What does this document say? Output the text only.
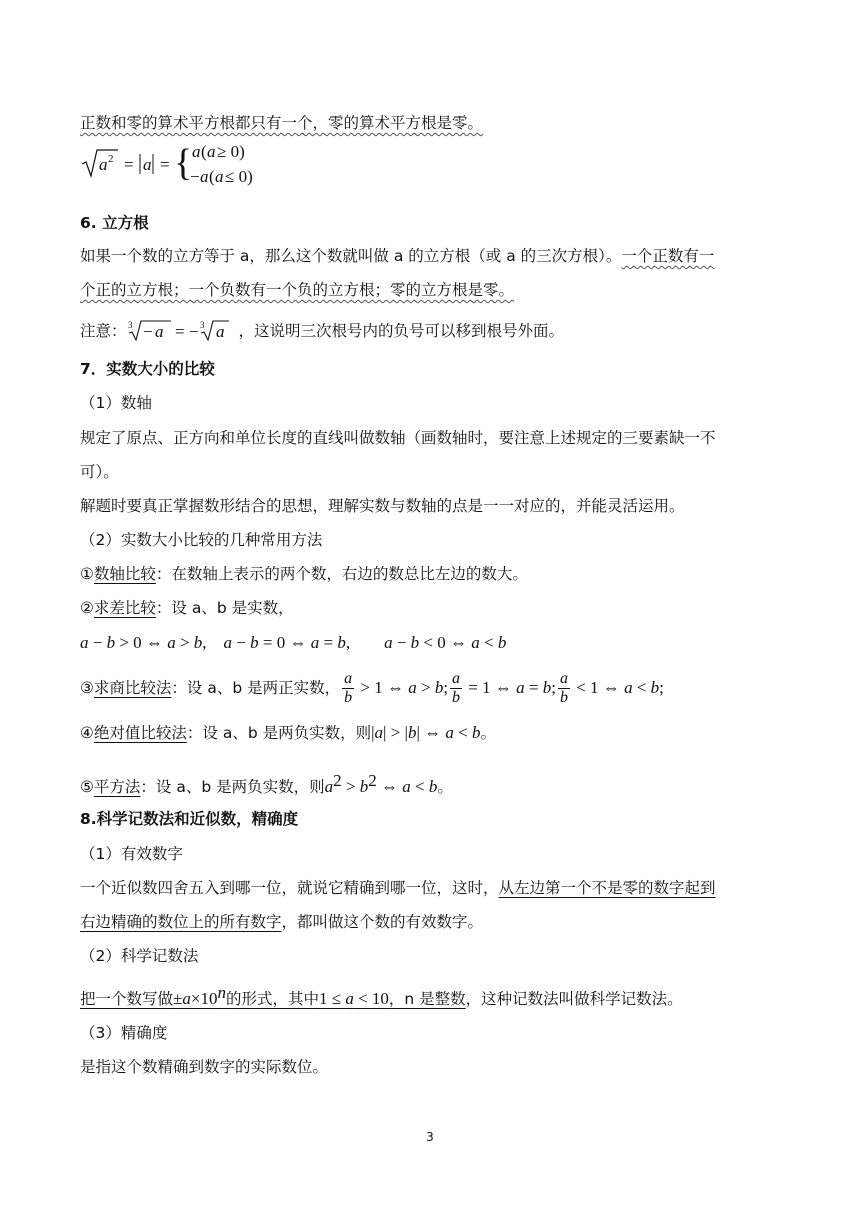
正数和零的算术平方根都只有一个，零的算术平方根是零。
a 2 = a = { a ( a ≥ 0)
− a ( a ≤ 0)
6. 立方根
如果一个数的立方等于 a，那么这个数就叫做 a 的立方根（或 a 的三次方根）。一个正数有一
个正的立方根；一个负数有一个负的立方根；零的立方根是零。
注意： 3 − a = − 3 a ，这说明三次根号内的负号可以移到根号外面。
7．实数大小的比较
（1）数轴
规定了原点、正方向和单位长度的直线叫做数轴（画数轴时，要注意上述规定的三要素缺一不
可）。
解题时要真正掌握数形结合的思想，理解实数与数轴的点是一一对应的，并能灵活运用。
（2）实数大小比较的几种常用方法
①数轴比较：在数轴上表示的两个数，右边的数总比左边的数大。
②求差比较：设 a、b 是实数，
a − b > 0 ⇔ a > b,    a − b = 0 ⇔ a = b,        a − b < 0 ⇔ a < b
③求商比较法：设 a、b 是两正实数， $\frac{a}{b} > 1$ ⇔ a > b; $\frac{a}{b} = 1$ ⇔ a = b; $\frac{a}{b} < 1$ ⇔ a < b;
④绝对值比较法：设 a、b 是两负实数，则|a| > |b| ⇔ a < b。
⑤平方法：设 a、b 是两负实数，则$a^2 > b^2$ ⇔ a < b。
8.科学记数法和近似数，精确度
（1）有效数字
一个近似数四舍五入到哪一位，就说它精确到哪一位，这时，从左边第一个不是零的数字起到
右边精确的数位上的所有数字，都叫做这个数的有效数字。
（2）科学记数法
把一个数写做$\pm a\times 10^n$的形式，其中1 ≤ a < 10，n 是整数，这种记数法叫做科学记数法。
（3）精确度
是指这个数精确到数字的实际数位。
3
